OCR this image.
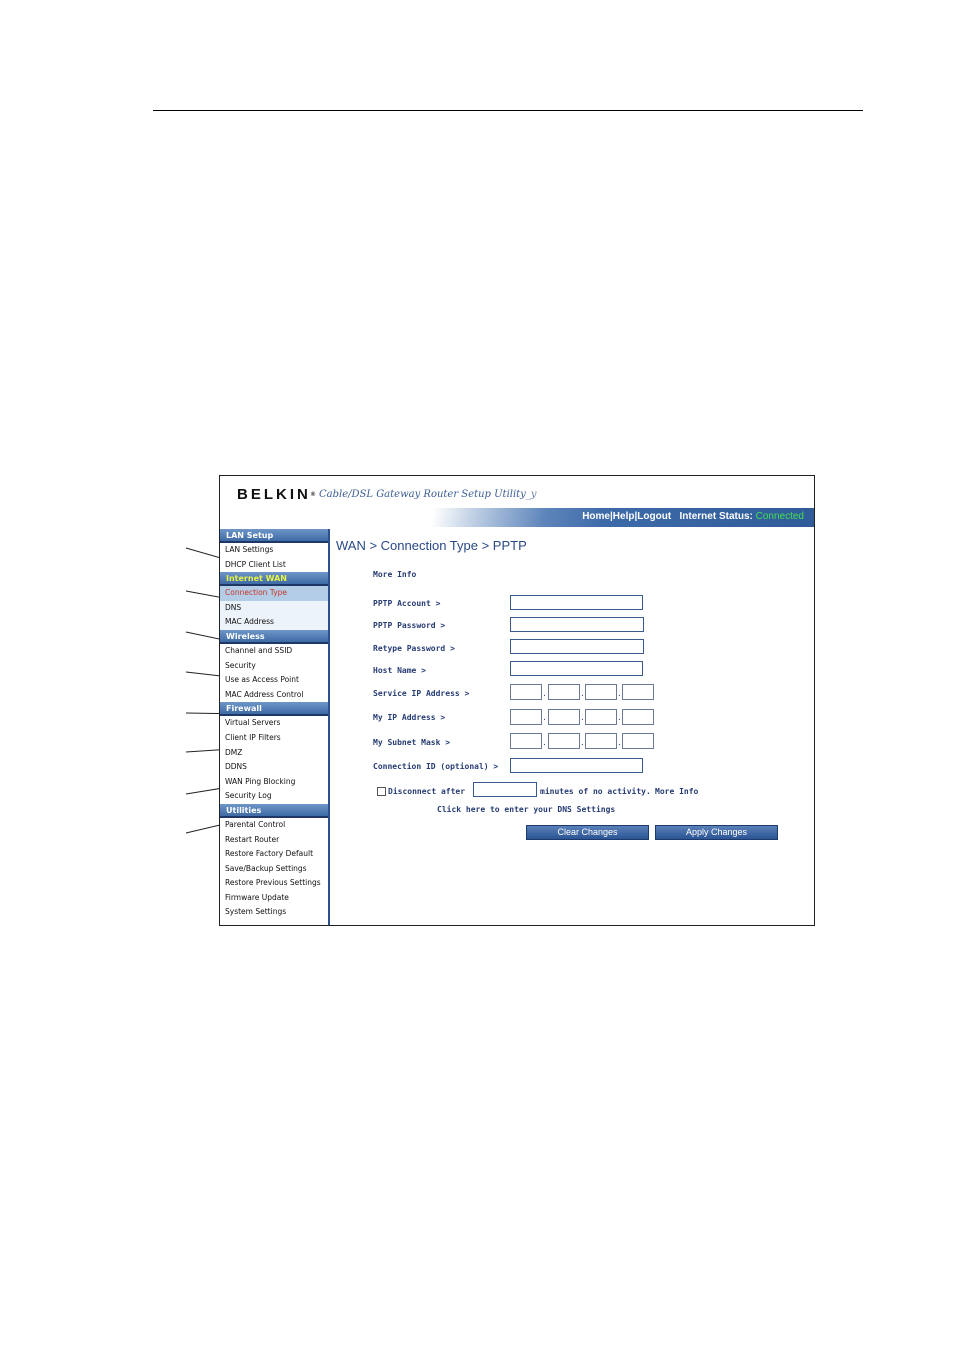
BELKIN® Cable/DSL Gateway Router Setup Utility_y
Home|Help|Logout Internet Status: Connected
LAN Setup
LAN Settings
DHCP Client List
Internet WAN
Connection Type
DNS
MAC Address
Wireless
Channel and SSID
Security
Use as Access Point
MAC Address Control
Firewall
Virtual Servers
Client IP Filters
DMZ
DDNS
WAN Ping Blocking
Security Log
Utilities
Parental Control
Restart Router
Restore Factory Default
Save/Backup Settings
Restore Previous Settings
Firmware Update
System Settings
WAN > Connection Type > PPTP
More Info
PPTP Account >
PPTP Password >
Retype Password >
Host Name >
Service IP Address >	.	.	.
My IP Address >	.	.	.
My Subnet Mask >	.	.	.
Connection ID (optional) >
Disconnect after	minutes of no activity. More Info
Click here to enter your DNS Settings
Clear Changes	Apply Changes
